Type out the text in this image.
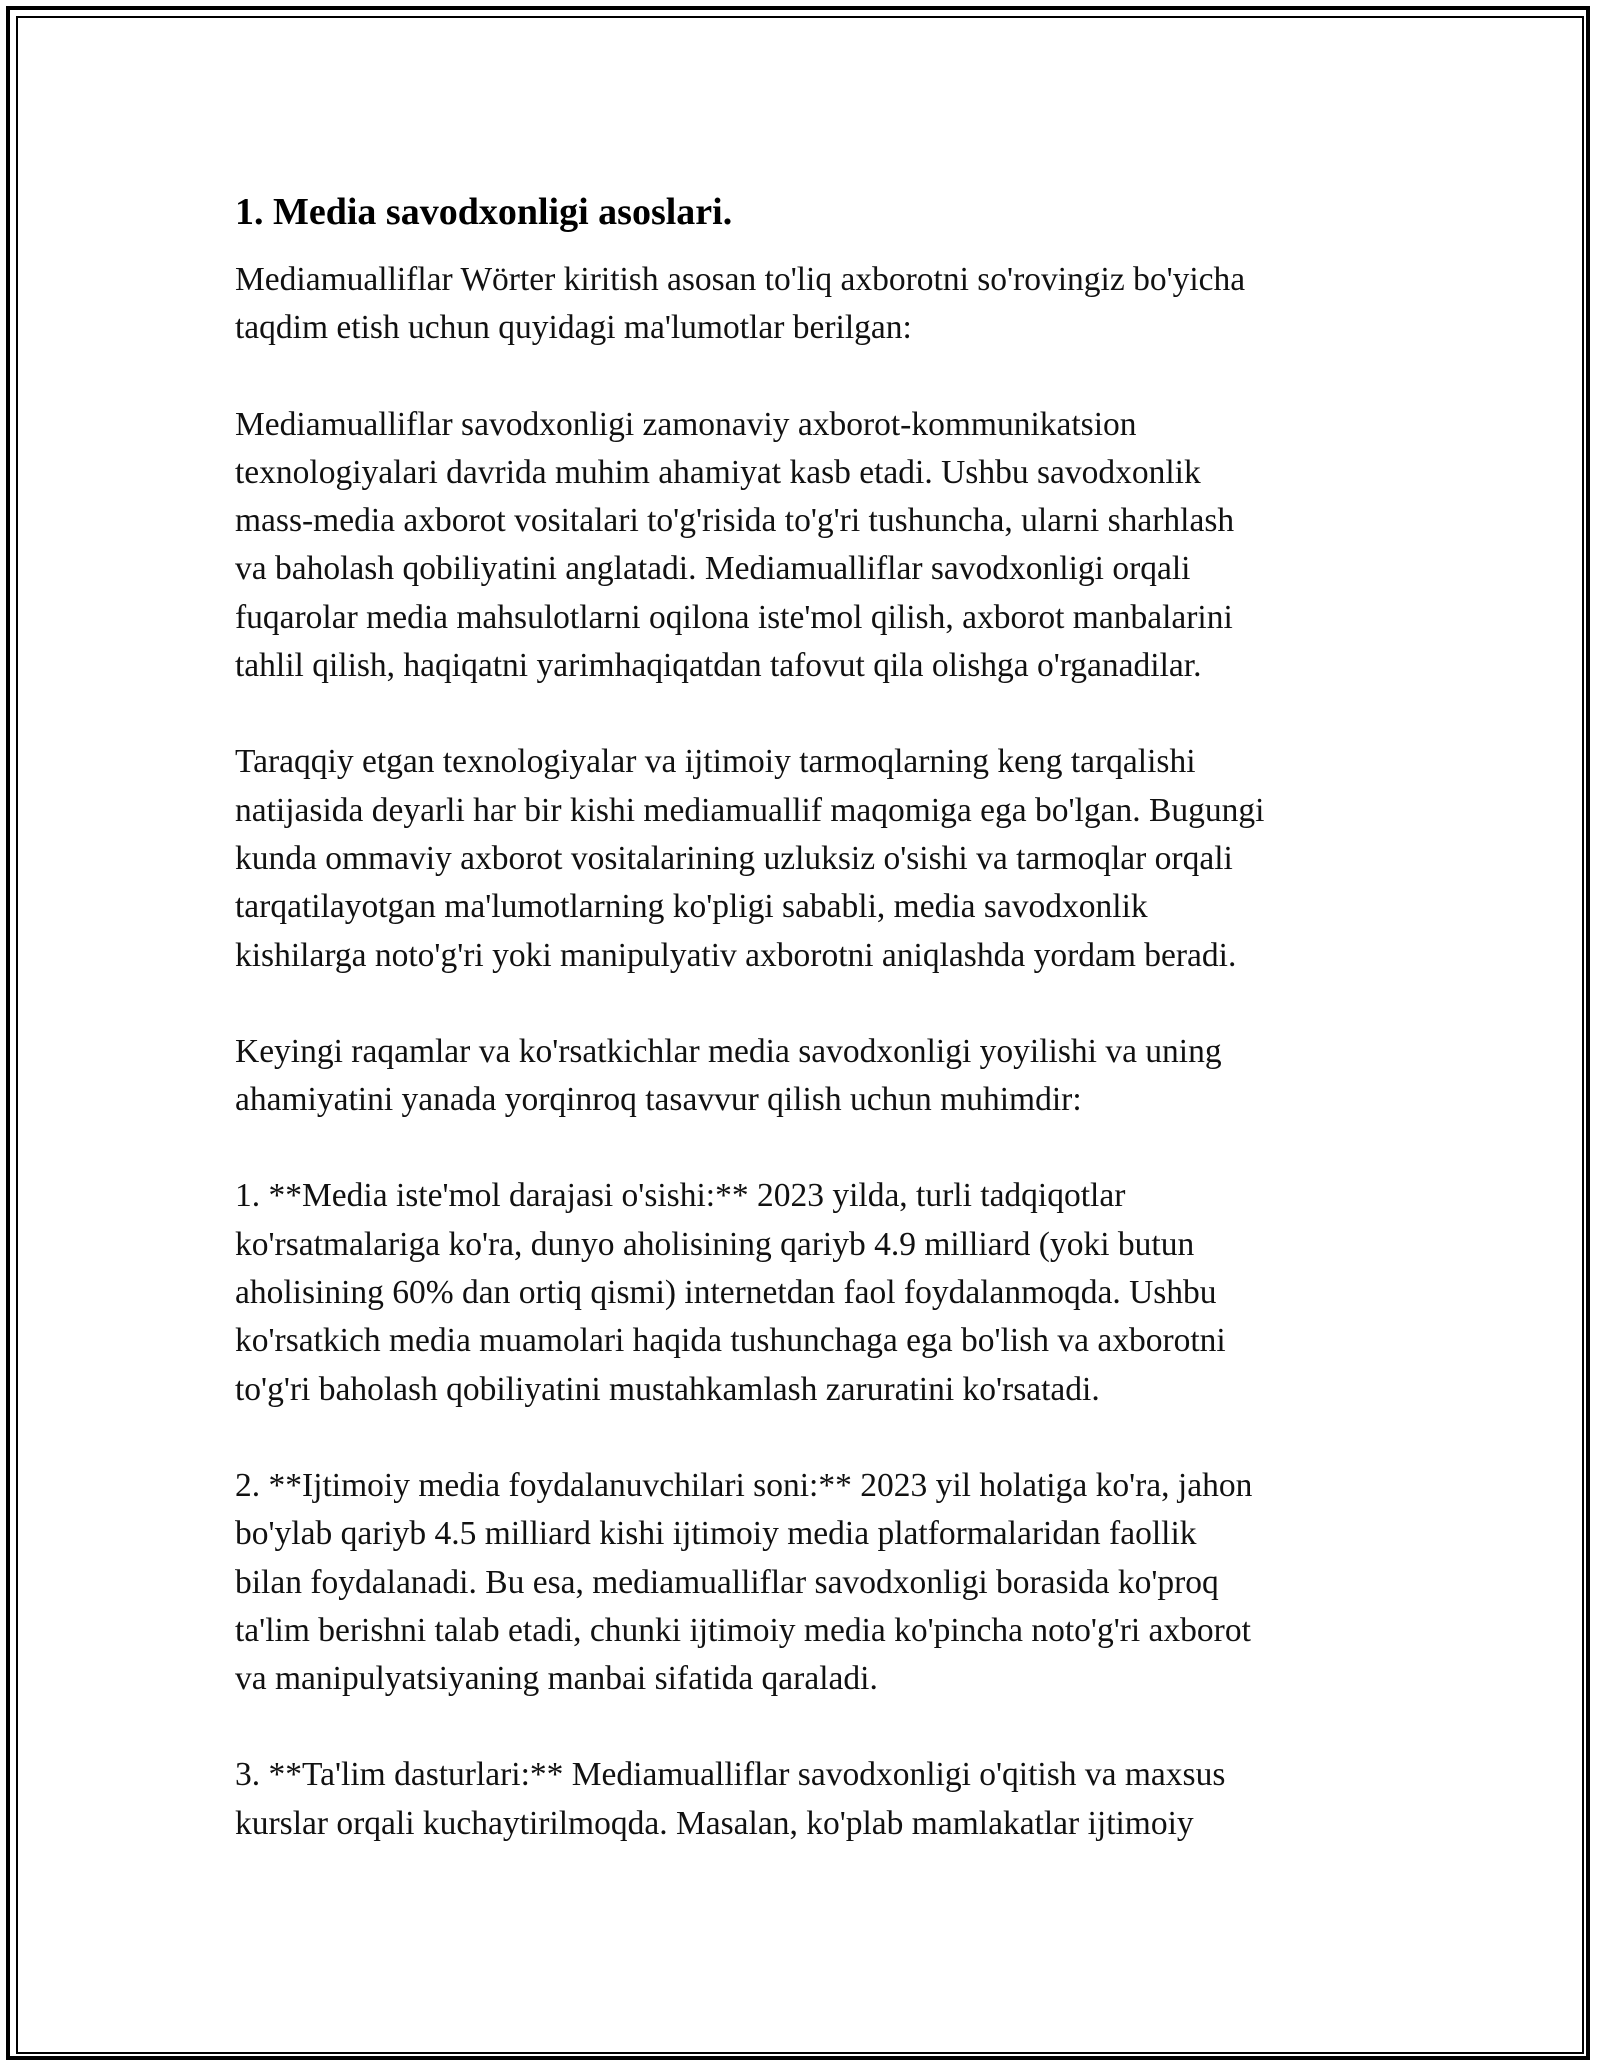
1. Media savodxonligi asoslari.

Mediamualliflar Wörter kiritish asosan to'liq axborotni so'rovingiz bo'yicha
taqdim etish uchun quyidagi ma'lumotlar berilgan:

Mediamualliflar savodxonligi zamonaviy axborot-kommunikatsion
texnologiyalari davrida muhim ahamiyat kasb etadi. Ushbu savodxonlik
mass-media axborot vositalari to'g'risida to'g'ri tushuncha, ularni sharhlash
va baholash qobiliyatini anglatadi. Mediamualliflar savodxonligi orqali
fuqarolar media mahsulotlarni oqilona iste'mol qilish, axborot manbalarini
tahlil qilish, haqiqatni yarimhaqiqatdan tafovut qila olishga o'rganadilar.

Taraqqiy etgan texnologiyalar va ijtimoiy tarmoqlarning keng tarqalishi
natijasida deyarli har bir kishi mediamuallif maqomiga ega bo'lgan. Bugungi
kunda ommaviy axborot vositalarining uzluksiz o'sishi va tarmoqlar orqali
tarqatilayotgan ma'lumotlarning ko'pligi sababli, media savodxonlik
kishilarga noto'g'ri yoki manipulyativ axborotni aniqlashda yordam beradi.

Keyingi raqamlar va ko'rsatkichlar media savodxonligi yoyilishi va uning
ahamiyatini yanada yorqinroq tasavvur qilish uchun muhimdir:

1. **Media iste'mol darajasi o'sishi:** 2023 yilda, turli tadqiqotlar
ko'rsatmalariga ko'ra, dunyo aholisining qariyb 4.9 milliard (yoki butun
aholisining 60% dan ortiq qismi) internetdan faol foydalanmoqda. Ushbu
ko'rsatkich media muamolari haqida tushunchaga ega bo'lish va axborotni
to'g'ri baholash qobiliyatini mustahkamlash zaruratini ko'rsatadi.

2. **Ijtimoiy media foydalanuvchilari soni:** 2023 yil holatiga ko'ra, jahon
bo'ylab qariyb 4.5 milliard kishi ijtimoiy media platformalaridan faollik
bilan foydalanadi. Bu esa, mediamualliflar savodxonligi borasida ko'proq
ta'lim berishni talab etadi, chunki ijtimoiy media ko'pincha noto'g'ri axborot
va manipulyatsiyaning manbai sifatida qaraladi.

3. **Ta'lim dasturlari:** Mediamualliflar savodxonligi o'qitish va maxsus
kurslar orqali kuchaytirilmoqda. Masalan, ko'plab mamlakatlar ijtimoiy
